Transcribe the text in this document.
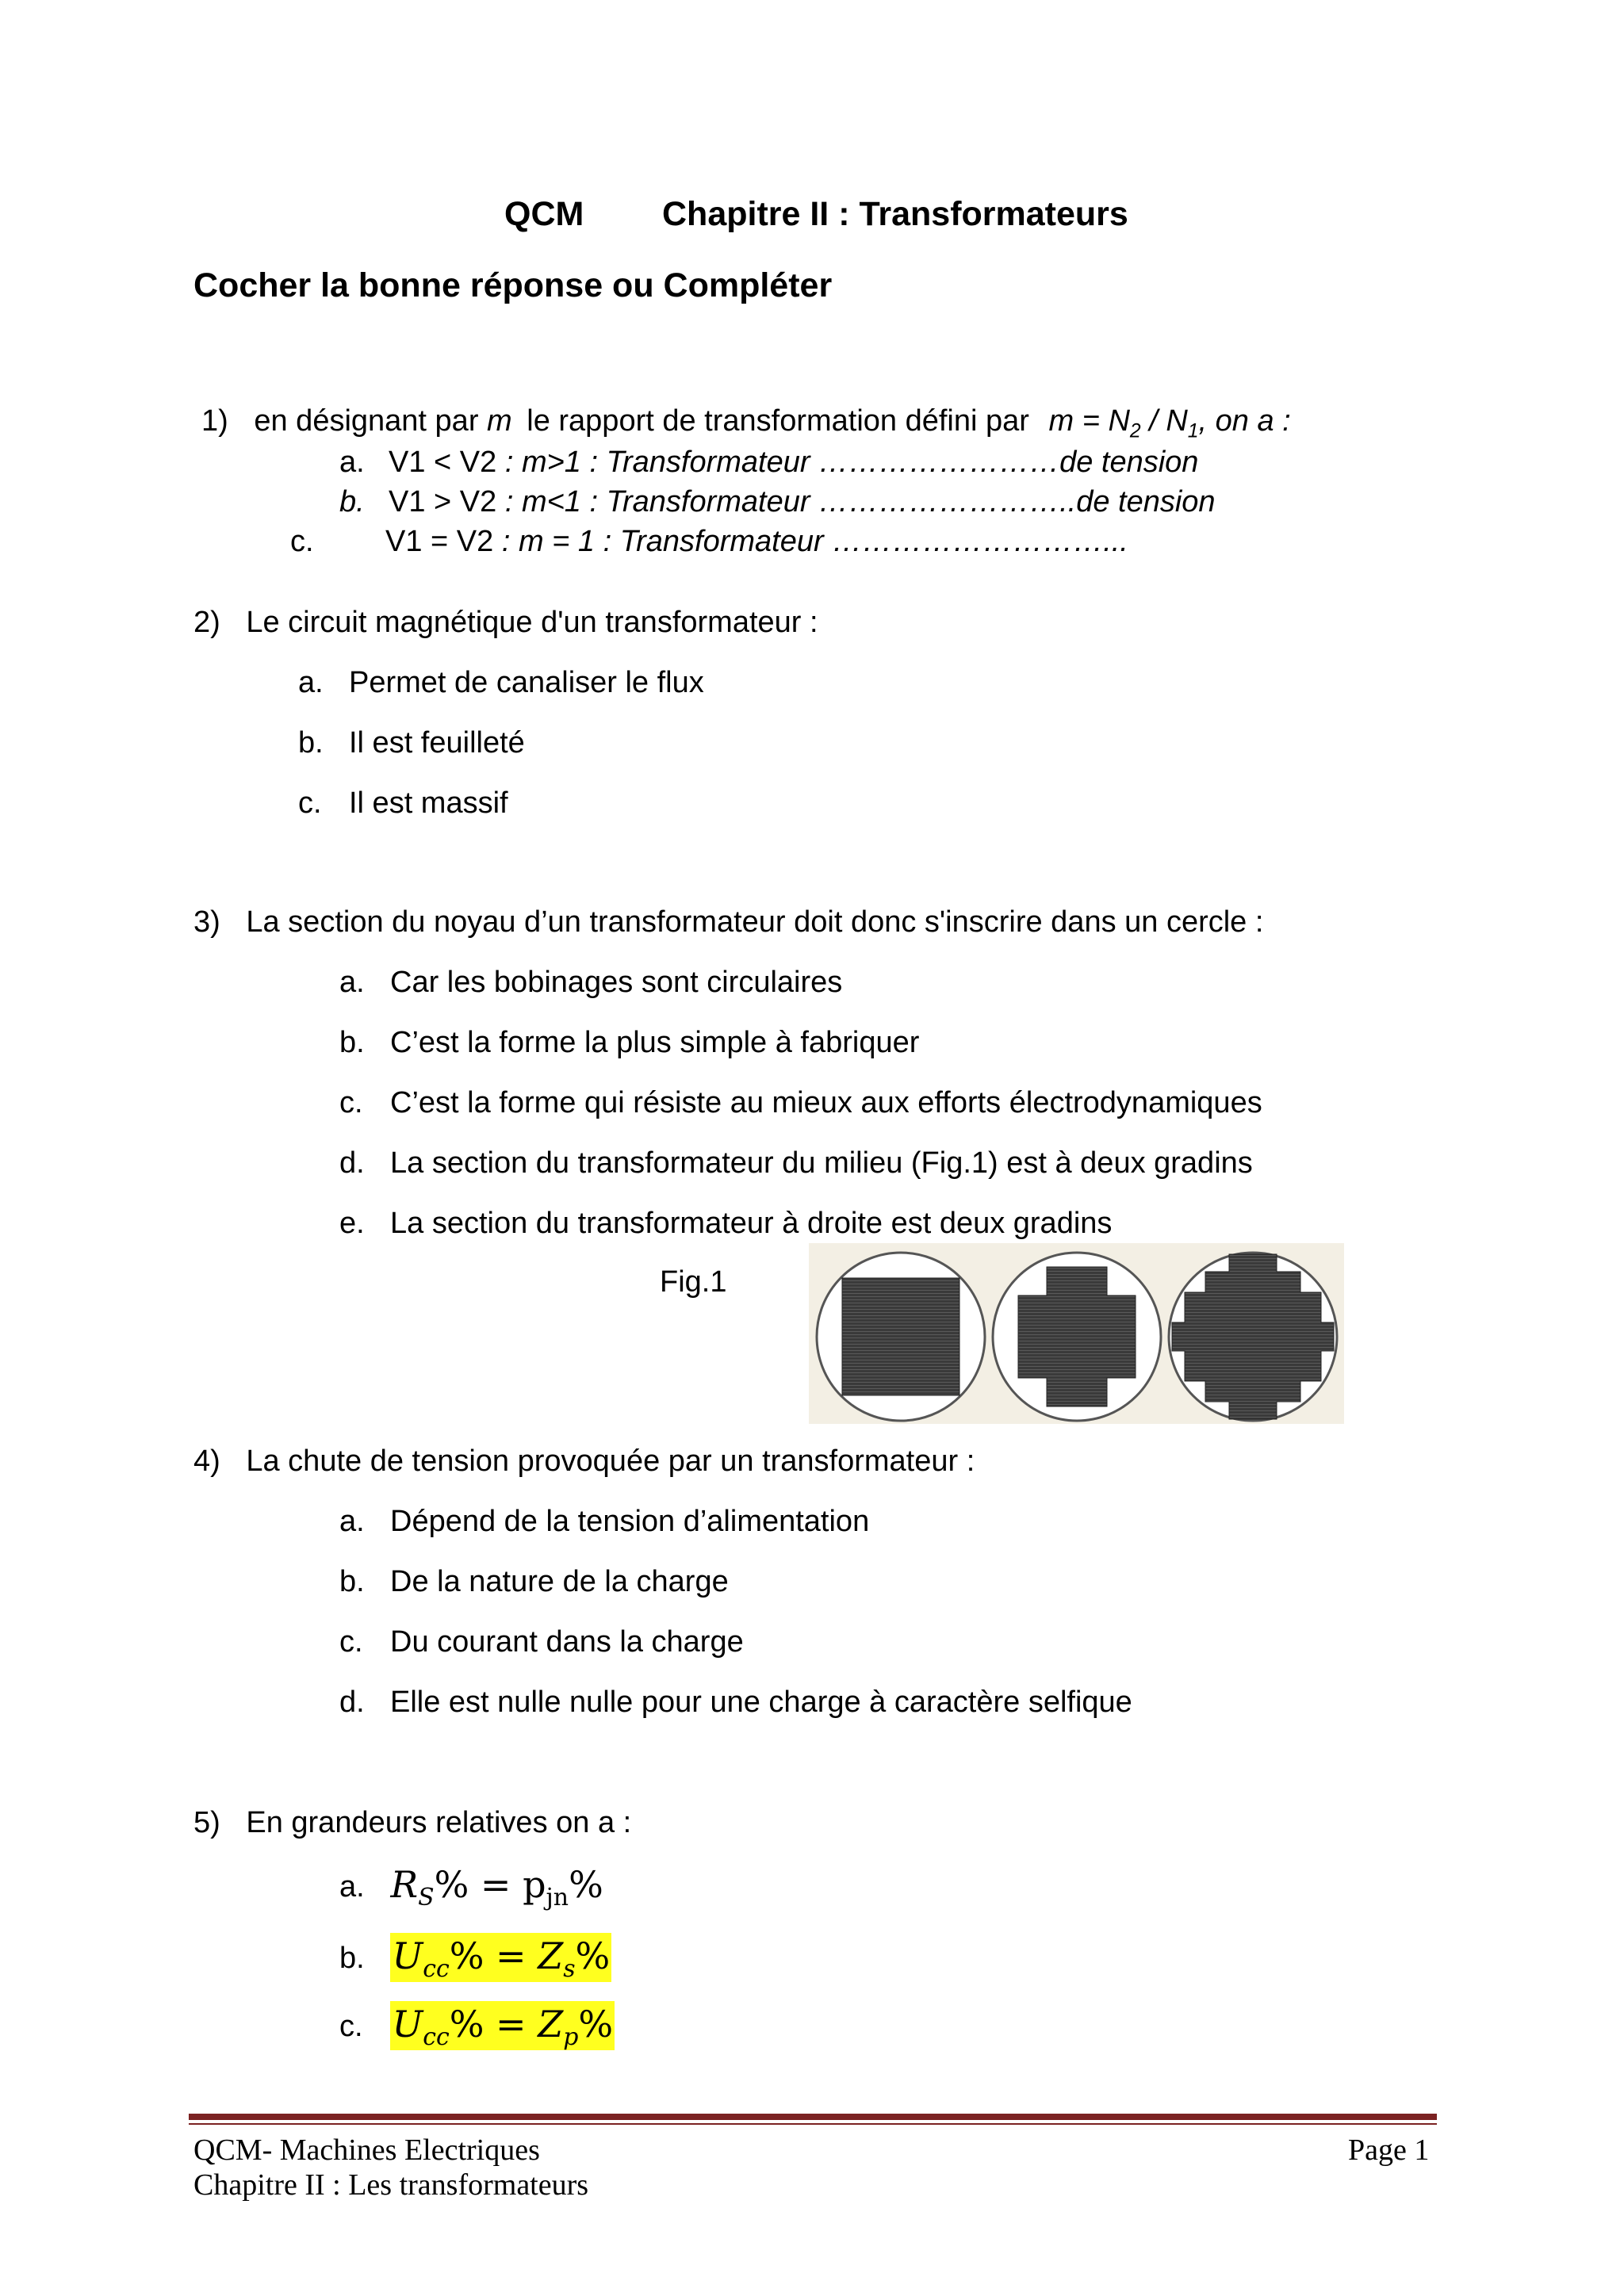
QCM Chapitre II : Transformateurs
Cocher la bonne réponse ou Compléter
1) en désignant par m le rapport de transformation défini par $m = N_2 / N_1$, on a :
a. V1 < V2 : m>1 : Transformateur ……………………de tension
b. V1 > V2 : m<1 : Transformateur ……………………..de tension
c. V1 = V2 : m = 1 : Transformateur ………………………...
2) Le circuit magnétique d'un transformateur :
a. Permet de canaliser le flux
b. Il est feuilleté
c. Il est massif
3) La section du noyau d’un transformateur doit donc s'inscrire dans un cercle :
a. Car les bobinages sont circulaires
b. C’est la forme la plus simple à fabriquer
c. C’est la forme qui résiste au mieux aux efforts électrodynamiques
d. La section du transformateur du milieu (Fig.1) est à deux gradins
e. La section du transformateur à droite est deux gradins
Fig.1
4) La chute de tension provoquée par un transformateur :
a. Dépend de la tension d’alimentation
b. De la nature de la charge
c. Du courant dans la charge
d. Elle est nulle nulle pour une charge à caractère selfique
5) En grandeurs relatives on a :
a. $R_S\% = p_{jn}\%$
b. $U_{cc}\% = Z_s\%$
c. $U_{cc}\% = Z_p\%$
QCM- Machines Electriques
Chapitre II : Les transformateurs
Page 1
